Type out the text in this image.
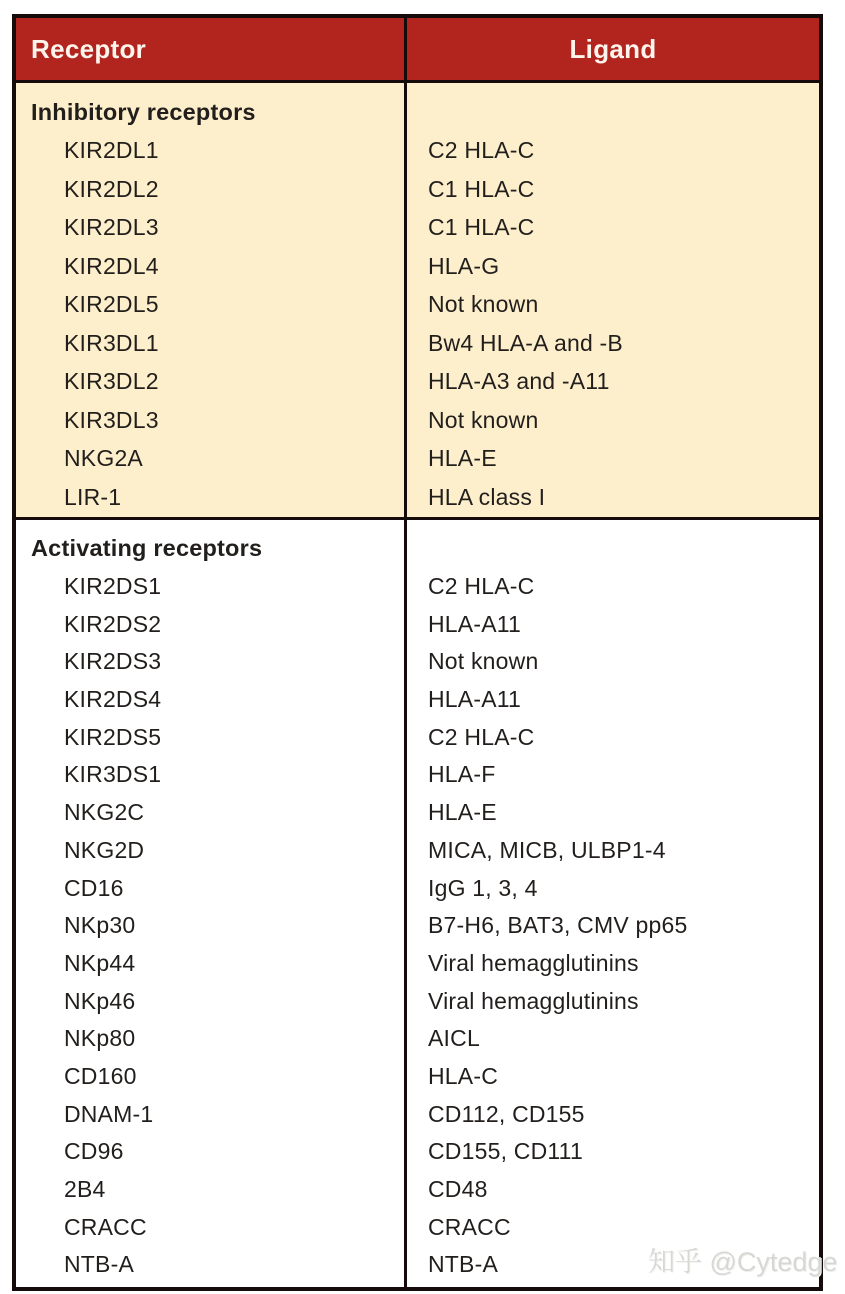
Receptor	Ligand
Inhibitory receptors
KIR2DL1	C2 HLA-C
KIR2DL2	C1 HLA-C
KIR2DL3	C1 HLA-C
KIR2DL4	HLA-G
KIR2DL5	Not known
KIR3DL1	Bw4 HLA-A and -B
KIR3DL2	HLA-A3 and -A11
KIR3DL3	Not known
NKG2A	HLA-E
LIR-1	HLA class I
Activating receptors
KIR2DS1	C2 HLA-C
KIR2DS2	HLA-A11
KIR2DS3	Not known
KIR2DS4	HLA-A11
KIR2DS5	C2 HLA-C
KIR3DS1	HLA-F
NKG2C	HLA-E
NKG2D	MICA, MICB, ULBP1-4
CD16	IgG 1, 3, 4
NKp30	B7-H6, BAT3, CMV pp65
NKp44	Viral hemagglutinins
NKp46	Viral hemagglutinins
NKp80	AICL
CD160	HLA-C
DNAM-1	CD112, CD155
CD96	CD155, CD111
2B4	CD48
CRACC	CRACC
NTB-A	NTB-A	知乎 @Cytedge
